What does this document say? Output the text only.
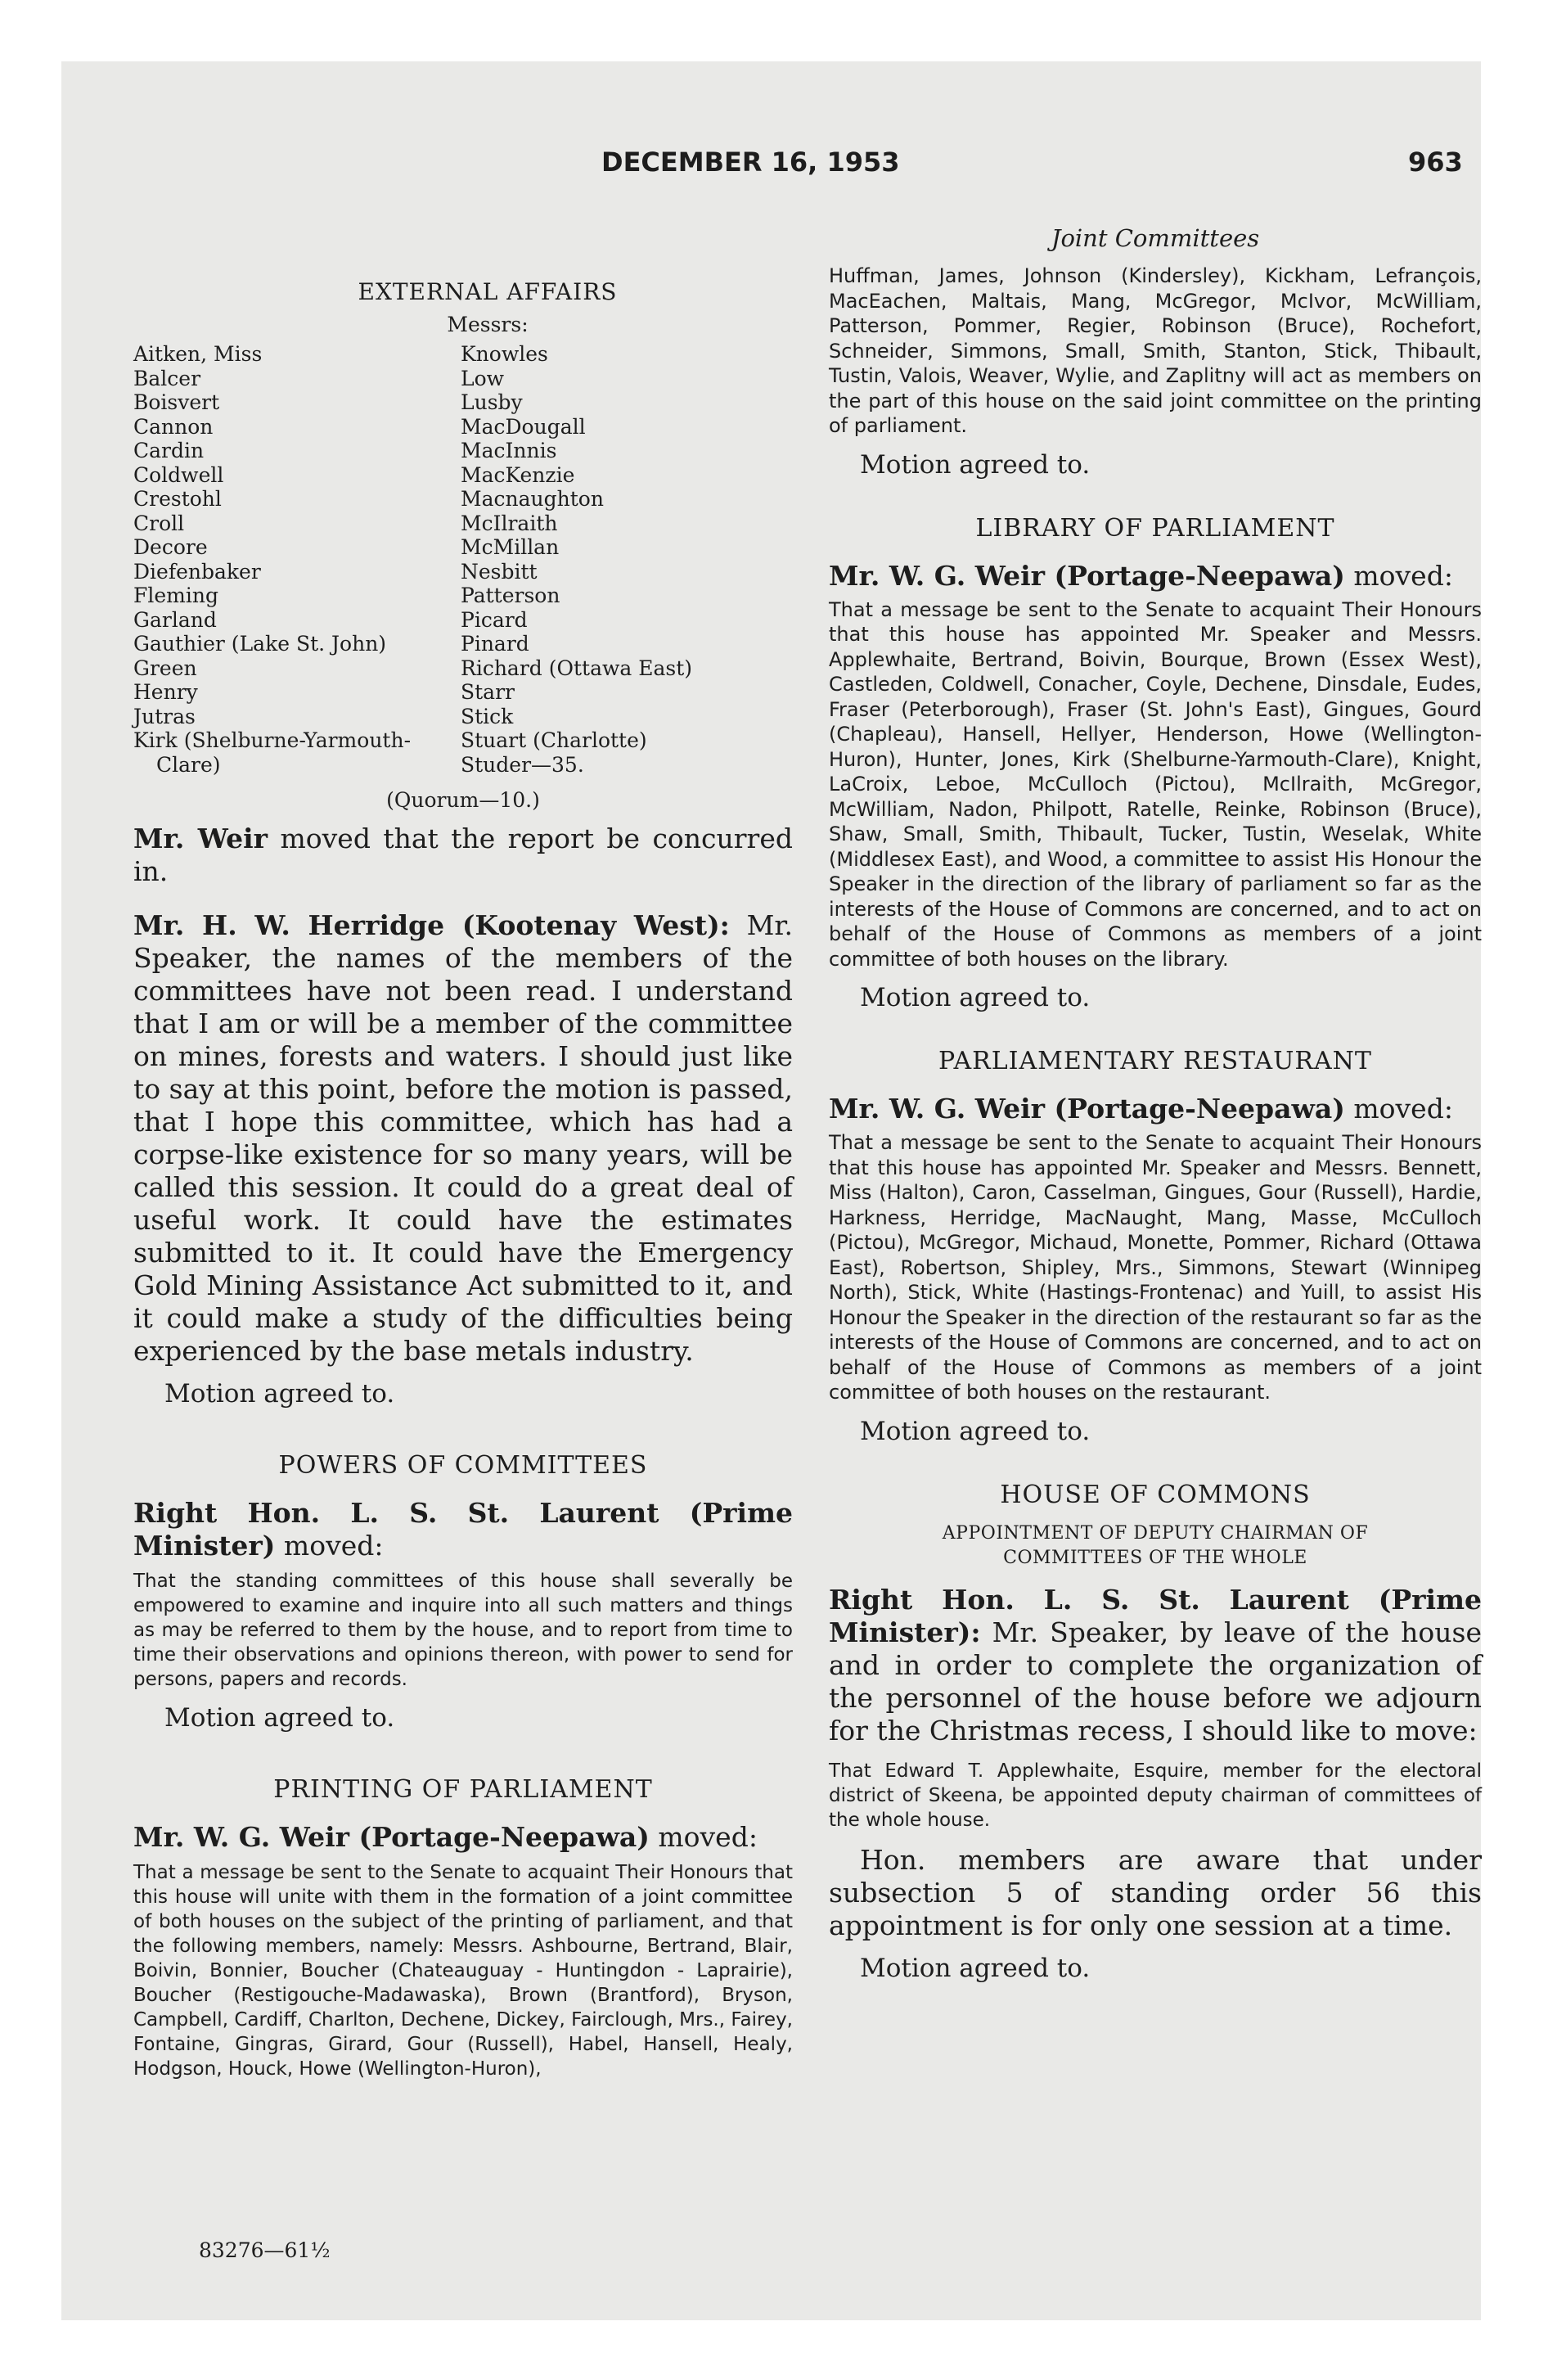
DECEMBER 16, 1953	963
EXTERNAL AFFAIRS
Messrs:
Aitken, Miss
Balcer
Boisvert
Cannon
Cardin
Coldwell
Crestohl
Croll
Decore
Diefenbaker
Fleming
Garland
Gauthier (Lake St. John)
Green
Henry
Jutras
Kirk (Shelburne-Yarmouth-Clare)
Knowles
Low
Lusby
MacDougall
MacInnis
MacKenzie
Macnaughton
McIlraith
McMillan
Nesbitt
Patterson
Picard
Pinard
Richard (Ottawa East)
Starr
Stick
Stuart (Charlotte)
Studer—35.
(Quorum—10.)

Mr. Weir moved that the report be concurred in.

Mr. H. W. Herridge (Kootenay West): Mr. Speaker, the names of the members of the committees have not been read. I understand that I am or will be a member of the committee on mines, forests and waters. I should just like to say at this point, before the motion is passed, that I hope this committee, which has had a corpse-like existence for so many years, will be called this session. It could do a great deal of useful work. It could have the estimates submitted to it. It could have the Emergency Gold Mining Assistance Act submitted to it, and it could make a study of the difficulties being experienced by the base metals industry.

Motion agreed to.
POWERS OF COMMITTEES

Right Hon. L. S. St. Laurent (Prime Minister) moved:

That the standing committees of this house shall severally be empowered to examine and inquire into all such matters and things as may be referred to them by the house, and to report from time to time their observations and opinions thereon, with power to send for persons, papers and records.

Motion agreed to.
PRINTING OF PARLIAMENT

Mr. W. G. Weir (Portage-Neepawa) moved:

That a message be sent to the Senate to acquaint Their Honours that this house will unite with them in the formation of a joint committee of both houses on the subject of the printing of parliament, and that the following members, namely: Messrs. Ashbourne, Bertrand, Blair, Boivin, Bonnier, Boucher (Chateauguay - Huntingdon - Laprairie), Boucher (Restigouche-Madawaska), Brown (Brantford), Bryson, Campbell, Cardiff, Charlton, Dechene, Dickey, Fairclough, Mrs., Fairey, Fontaine, Gingras, Girard, Gour (Russell), Habel, Hansell, Healy, Hodgson, Houck, Howe (Wellington-Huron),

83276—61½
Joint Committees

Huffman, James, Johnson (Kindersley), Kickham, Lefrançois, MacEachen, Maltais, Mang, McGregor, McIvor, McWilliam, Patterson, Pommer, Regier, Robinson (Bruce), Rochefort, Schneider, Simmons, Small, Smith, Stanton, Stick, Thibault, Tustin, Valois, Weaver, Wylie, and Zaplitny will act as members on the part of this house on the said joint committee on the printing of parliament.

Motion agreed to.
LIBRARY OF PARLIAMENT

Mr. W. G. Weir (Portage-Neepawa) moved:

That a message be sent to the Senate to acquaint Their Honours that this house has appointed Mr. Speaker and Messrs. Applewhaite, Bertrand, Boivin, Bourque, Brown (Essex West), Castleden, Coldwell, Conacher, Coyle, Dechene, Dinsdale, Eudes, Fraser (Peterborough), Fraser (St. John's East), Gingues, Gourd (Chapleau), Hansell, Hellyer, Henderson, Howe (Wellington-Huron), Hunter, Jones, Kirk (Shelburne-Yarmouth-Clare), Knight, LaCroix, Leboe, McCulloch (Pictou), McIlraith, McGregor, McWilliam, Nadon, Philpott, Ratelle, Reinke, Robinson (Bruce), Shaw, Small, Smith, Thibault, Tucker, Tustin, Weselak, White (Middlesex East), and Wood, a committee to assist His Honour the Speaker in the direction of the library of parliament so far as the interests of the House of Commons are concerned, and to act on behalf of the House of Commons as members of a joint committee of both houses on the library.

Motion agreed to.
PARLIAMENTARY RESTAURANT

Mr. W. G. Weir (Portage-Neepawa) moved:

That a message be sent to the Senate to acquaint Their Honours that this house has appointed Mr. Speaker and Messrs. Bennett, Miss (Halton), Caron, Casselman, Gingues, Gour (Russell), Hardie, Harkness, Herridge, MacNaught, Mang, Masse, McCulloch (Pictou), McGregor, Michaud, Monette, Pommer, Richard (Ottawa East), Robertson, Shipley, Mrs., Simmons, Stewart (Winnipeg North), Stick, White (Hastings-Frontenac) and Yuill, to assist His Honour the Speaker in the direction of the restaurant so far as the interests of the House of Commons are concerned, and to act on behalf of the House of Commons as members of a joint committee of both houses on the restaurant.

Motion agreed to.
HOUSE OF COMMONS
APPOINTMENT OF DEPUTY CHAIRMAN OF COMMITTEES OF THE WHOLE

Right Hon. L. S. St. Laurent (Prime Minister): Mr. Speaker, by leave of the house and in order to complete the organization of the personnel of the house before we adjourn for the Christmas recess, I should like to move:

That Edward T. Applewhaite, Esquire, member for the electoral district of Skeena, be appointed deputy chairman of committees of the whole house.

Hon. members are aware that under subsection 5 of standing order 56 this appointment is for only one session at a time.

Motion agreed to.
